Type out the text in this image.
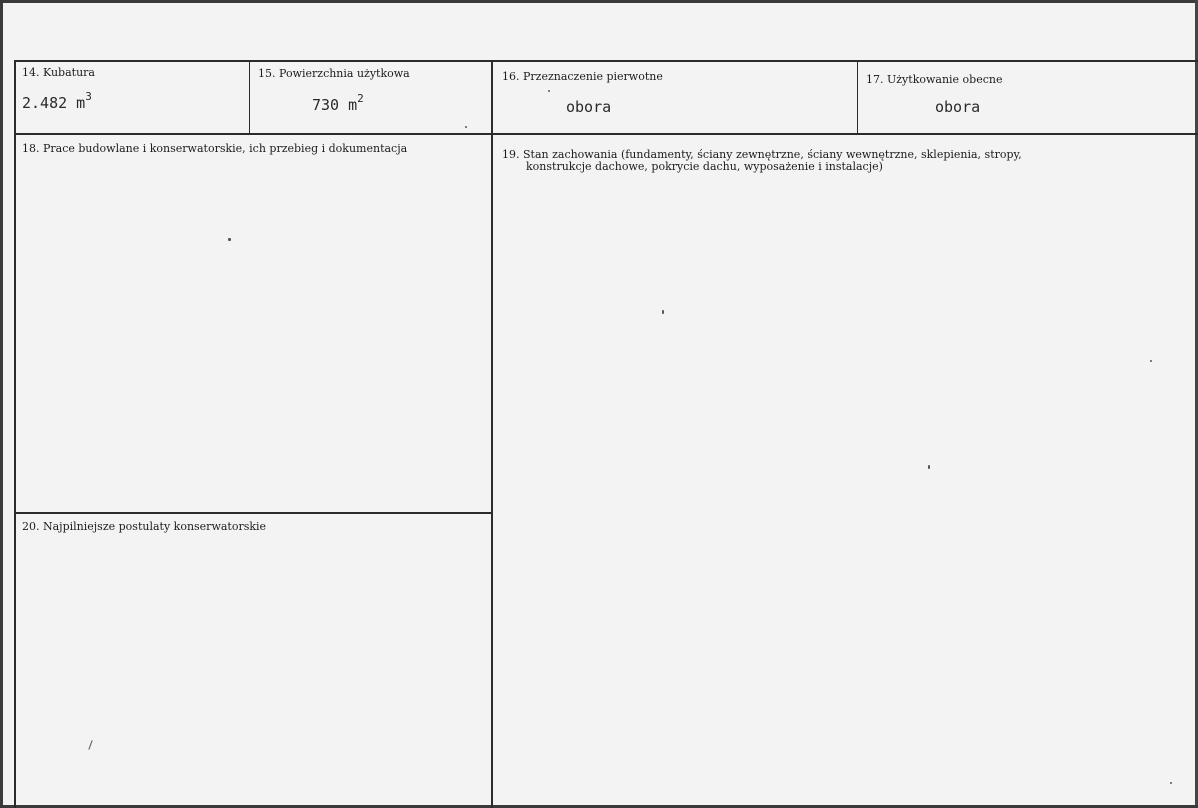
14. Kubatura
2.482 $m^3$
15. Powierzchnia użytkowa
730 $m^2$
16. Przeznaczenie pierwotne
obora
17. Użytkowanie obecne
obora
18. Prace budowlane i konserwatorskie, ich przebieg i dokumentacja	19. Stan zachowania (fundamenty, ściany zewnętrzne, ściany wewnętrzne, sklepienia, stropy,
konstrukcje dachowe, pokrycie dachu, wyposażenie i instalacje)
20. Najpilniejsze postulaty konserwatorskie
